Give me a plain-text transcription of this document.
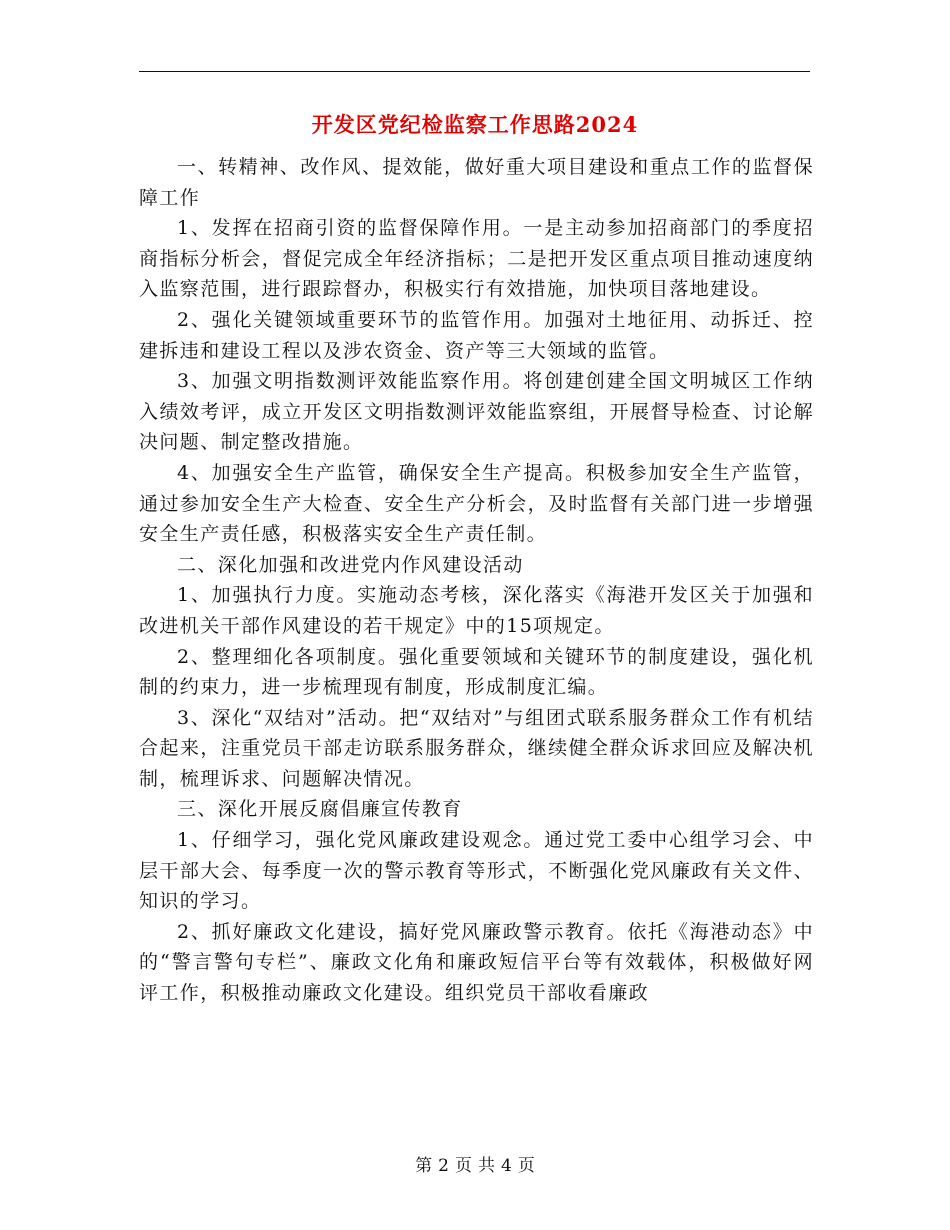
开发区党纪检监察工作思路2024

一、转精神、改作风、提效能，做好重大项目建设和重点工作的监督保障工作

1、发挥在招商引资的监督保障作用。一是主动参加招商部门的季度招商指标分析会，督促完成全年经济指标；二是把开发区重点项目推动速度纳入监察范围，进行跟踪督办，积极实行有效措施，加快项目落地建设。

2、强化关键领域重要环节的监管作用。加强对土地征用、动拆迁、控建拆违和建设工程以及涉农资金、资产等三大领域的监管。

3、加强文明指数测评效能监察作用。将创建创建全国文明城区工作纳入绩效考评，成立开发区文明指数测评效能监察组，开展督导检查、讨论解决问题、制定整改措施。

4、加强安全生产监管，确保安全生产提高。积极参加安全生产监管，通过参加安全生产大检查、安全生产分析会，及时监督有关部门进一步增强安全生产责任感，积极落实安全生产责任制。

二、深化加强和改进党内作风建设活动

1、加强执行力度。实施动态考核，深化落实《海港开发区关于加强和改进机关干部作风建设的若干规定》中的15项规定。

2、整理细化各项制度。强化重要领域和关键环节的制度建设，强化机制的约束力，进一步梳理现有制度，形成制度汇编。

3、深化“双结对”活动。把“双结对”与组团式联系服务群众工作有机结合起来，注重党员干部走访联系服务群众，继续健全群众诉求回应及解决机制，梳理诉求、问题解决情况。

三、深化开展反腐倡廉宣传教育

1、仔细学习，强化党风廉政建设观念。通过党工委中心组学习会、中层干部大会、每季度一次的警示教育等形式，不断强化党风廉政有关文件、知识的学习。

2、抓好廉政文化建设，搞好党风廉政警示教育。依托《海港动态》中的“警言警句专栏”、廉政文化角和廉政短信平台等有效载体，积极做好网评工作，积极推动廉政文化建设。组织党员干部收看廉政

第 2 页 共 4 页
